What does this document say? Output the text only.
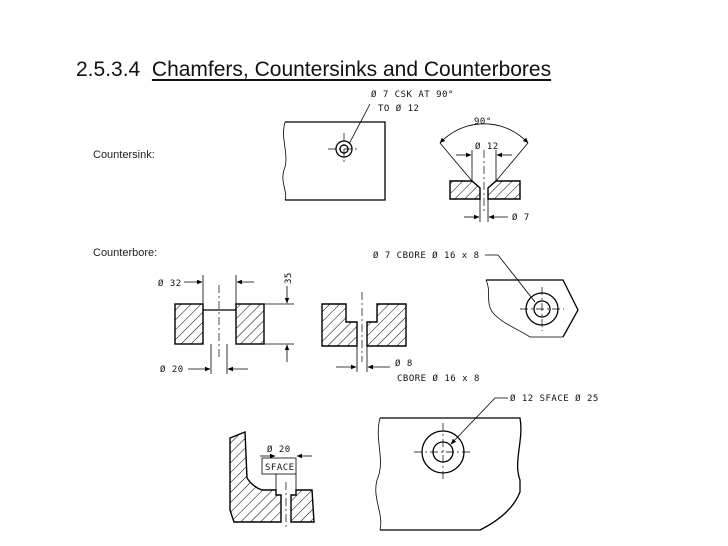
2.5.3.4 Chamfers, Countersinks and Counterbores
Countersink:
Counterbore:
Ø 7 CSK AT 90°
TO Ø 12
90°
Ø 12
Ø 7
Ø 32
Ø 20
35
Ø 8
CBORE Ø 16 x 8
Ø 7 CBORE Ø 16 x 8
Ø 20
SFACE
Ø 12 SFACE Ø 25
